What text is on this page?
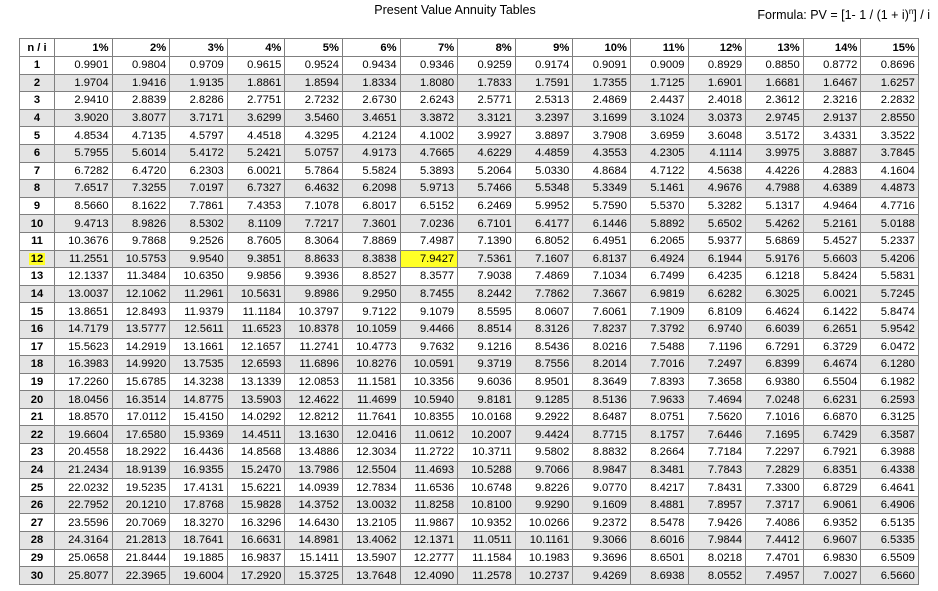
Present Value Annuity Tables	Formula: PV = [1- $1 / (1 + i)^n] / i$
n / i	1%	2%	3%	4%	5%	6%	7%	8%	9%	10%	11%	12%	13%	14%	15%
1	0.9901	0.9804	0.9709	0.9615	0.9524	0.9434	0.9346	0.9259	0.9174	0.9091	0.9009	0.8929	0.8850	0.8772	0.8696
2	1.9704	1.9416	1.9135	1.8861	1.8594	1.8334	1.8080	1.7833	1.7591	1.7355	1.7125	1.6901	1.6681	1.6467	1.6257
3	2.9410	2.8839	2.8286	2.7751	2.7232	2.6730	2.6243	2.5771	2.5313	2.4869	2.4437	2.4018	2.3612	2.3216	2.2832
4	3.9020	3.8077	3.7171	3.6299	3.5460	3.4651	3.3872	3.3121	3.2397	3.1699	3.1024	3.0373	2.9745	2.9137	2.8550
5	4.8534	4.7135	4.5797	4.4518	4.3295	4.2124	4.1002	3.9927	3.8897	3.7908	3.6959	3.6048	3.5172	3.4331	3.3522
6	5.7955	5.6014	5.4172	5.2421	5.0757	4.9173	4.7665	4.6229	4.4859	4.3553	4.2305	4.1114	3.9975	3.8887	3.7845
7	6.7282	6.4720	6.2303	6.0021	5.7864	5.5824	5.3893	5.2064	5.0330	4.8684	4.7122	4.5638	4.4226	4.2883	4.1604
8	7.6517	7.3255	7.0197	6.7327	6.4632	6.2098	5.9713	5.7466	5.5348	5.3349	5.1461	4.9676	4.7988	4.6389	4.4873
9	8.5660	8.1622	7.7861	7.4353	7.1078	6.8017	6.5152	6.2469	5.9952	5.7590	5.5370	5.3282	5.1317	4.9464	4.7716
10	9.4713	8.9826	8.5302	8.1109	7.7217	7.3601	7.0236	6.7101	6.4177	6.1446	5.8892	5.6502	5.4262	5.2161	5.0188
11	10.3676	9.7868	9.2526	8.7605	8.3064	7.8869	7.4987	7.1390	6.8052	6.4951	6.2065	5.9377	5.6869	5.4527	5.2337
12	11.2551	10.5753	9.9540	9.3851	8.8633	8.3838	7.9427	7.5361	7.1607	6.8137	6.4924	6.1944	5.9176	5.6603	5.4206
13	12.1337	11.3484	10.6350	9.9856	9.3936	8.8527	8.3577	7.9038	7.4869	7.1034	6.7499	6.4235	6.1218	5.8424	5.5831
14	13.0037	12.1062	11.2961	10.5631	9.8986	9.2950	8.7455	8.2442	7.7862	7.3667	6.9819	6.6282	6.3025	6.0021	5.7245
15	13.8651	12.8493	11.9379	11.1184	10.3797	9.7122	9.1079	8.5595	8.0607	7.6061	7.1909	6.8109	6.4624	6.1422	5.8474
16	14.7179	13.5777	12.5611	11.6523	10.8378	10.1059	9.4466	8.8514	8.3126	7.8237	7.3792	6.9740	6.6039	6.2651	5.9542
17	15.5623	14.2919	13.1661	12.1657	11.2741	10.4773	9.7632	9.1216	8.5436	8.0216	7.5488	7.1196	6.7291	6.3729	6.0472
18	16.3983	14.9920	13.7535	12.6593	11.6896	10.8276	10.0591	9.3719	8.7556	8.2014	7.7016	7.2497	6.8399	6.4674	6.1280
19	17.2260	15.6785	14.3238	13.1339	12.0853	11.1581	10.3356	9.6036	8.9501	8.3649	7.8393	7.3658	6.9380	6.5504	6.1982
20	18.0456	16.3514	14.8775	13.5903	12.4622	11.4699	10.5940	9.8181	9.1285	8.5136	7.9633	7.4694	7.0248	6.6231	6.2593
21	18.8570	17.0112	15.4150	14.0292	12.8212	11.7641	10.8355	10.0168	9.2922	8.6487	8.0751	7.5620	7.1016	6.6870	6.3125
22	19.6604	17.6580	15.9369	14.4511	13.1630	12.0416	11.0612	10.2007	9.4424	8.7715	8.1757	7.6446	7.1695	6.7429	6.3587
23	20.4558	18.2922	16.4436	14.8568	13.4886	12.3034	11.2722	10.3711	9.5802	8.8832	8.2664	7.7184	7.2297	6.7921	6.3988
24	21.2434	18.9139	16.9355	15.2470	13.7986	12.5504	11.4693	10.5288	9.7066	8.9847	8.3481	7.7843	7.2829	6.8351	6.4338
25	22.0232	19.5235	17.4131	15.6221	14.0939	12.7834	11.6536	10.6748	9.8226	9.0770	8.4217	7.8431	7.3300	6.8729	6.4641
26	22.7952	20.1210	17.8768	15.9828	14.3752	13.0032	11.8258	10.8100	9.9290	9.1609	8.4881	7.8957	7.3717	6.9061	6.4906
27	23.5596	20.7069	18.3270	16.3296	14.6430	13.2105	11.9867	10.9352	10.0266	9.2372	8.5478	7.9426	7.4086	6.9352	6.5135
28	24.3164	21.2813	18.7641	16.6631	14.8981	13.4062	12.1371	11.0511	10.1161	9.3066	8.6016	7.9844	7.4412	6.9607	6.5335
29	25.0658	21.8444	19.1885	16.9837	15.1411	13.5907	12.2777	11.1584	10.1983	9.3696	8.6501	8.0218	7.4701	6.9830	6.5509
30	25.8077	22.3965	19.6004	17.2920	15.3725	13.7648	12.4090	11.2578	10.2737	9.4269	8.6938	8.0552	7.4957	7.0027	6.5660
